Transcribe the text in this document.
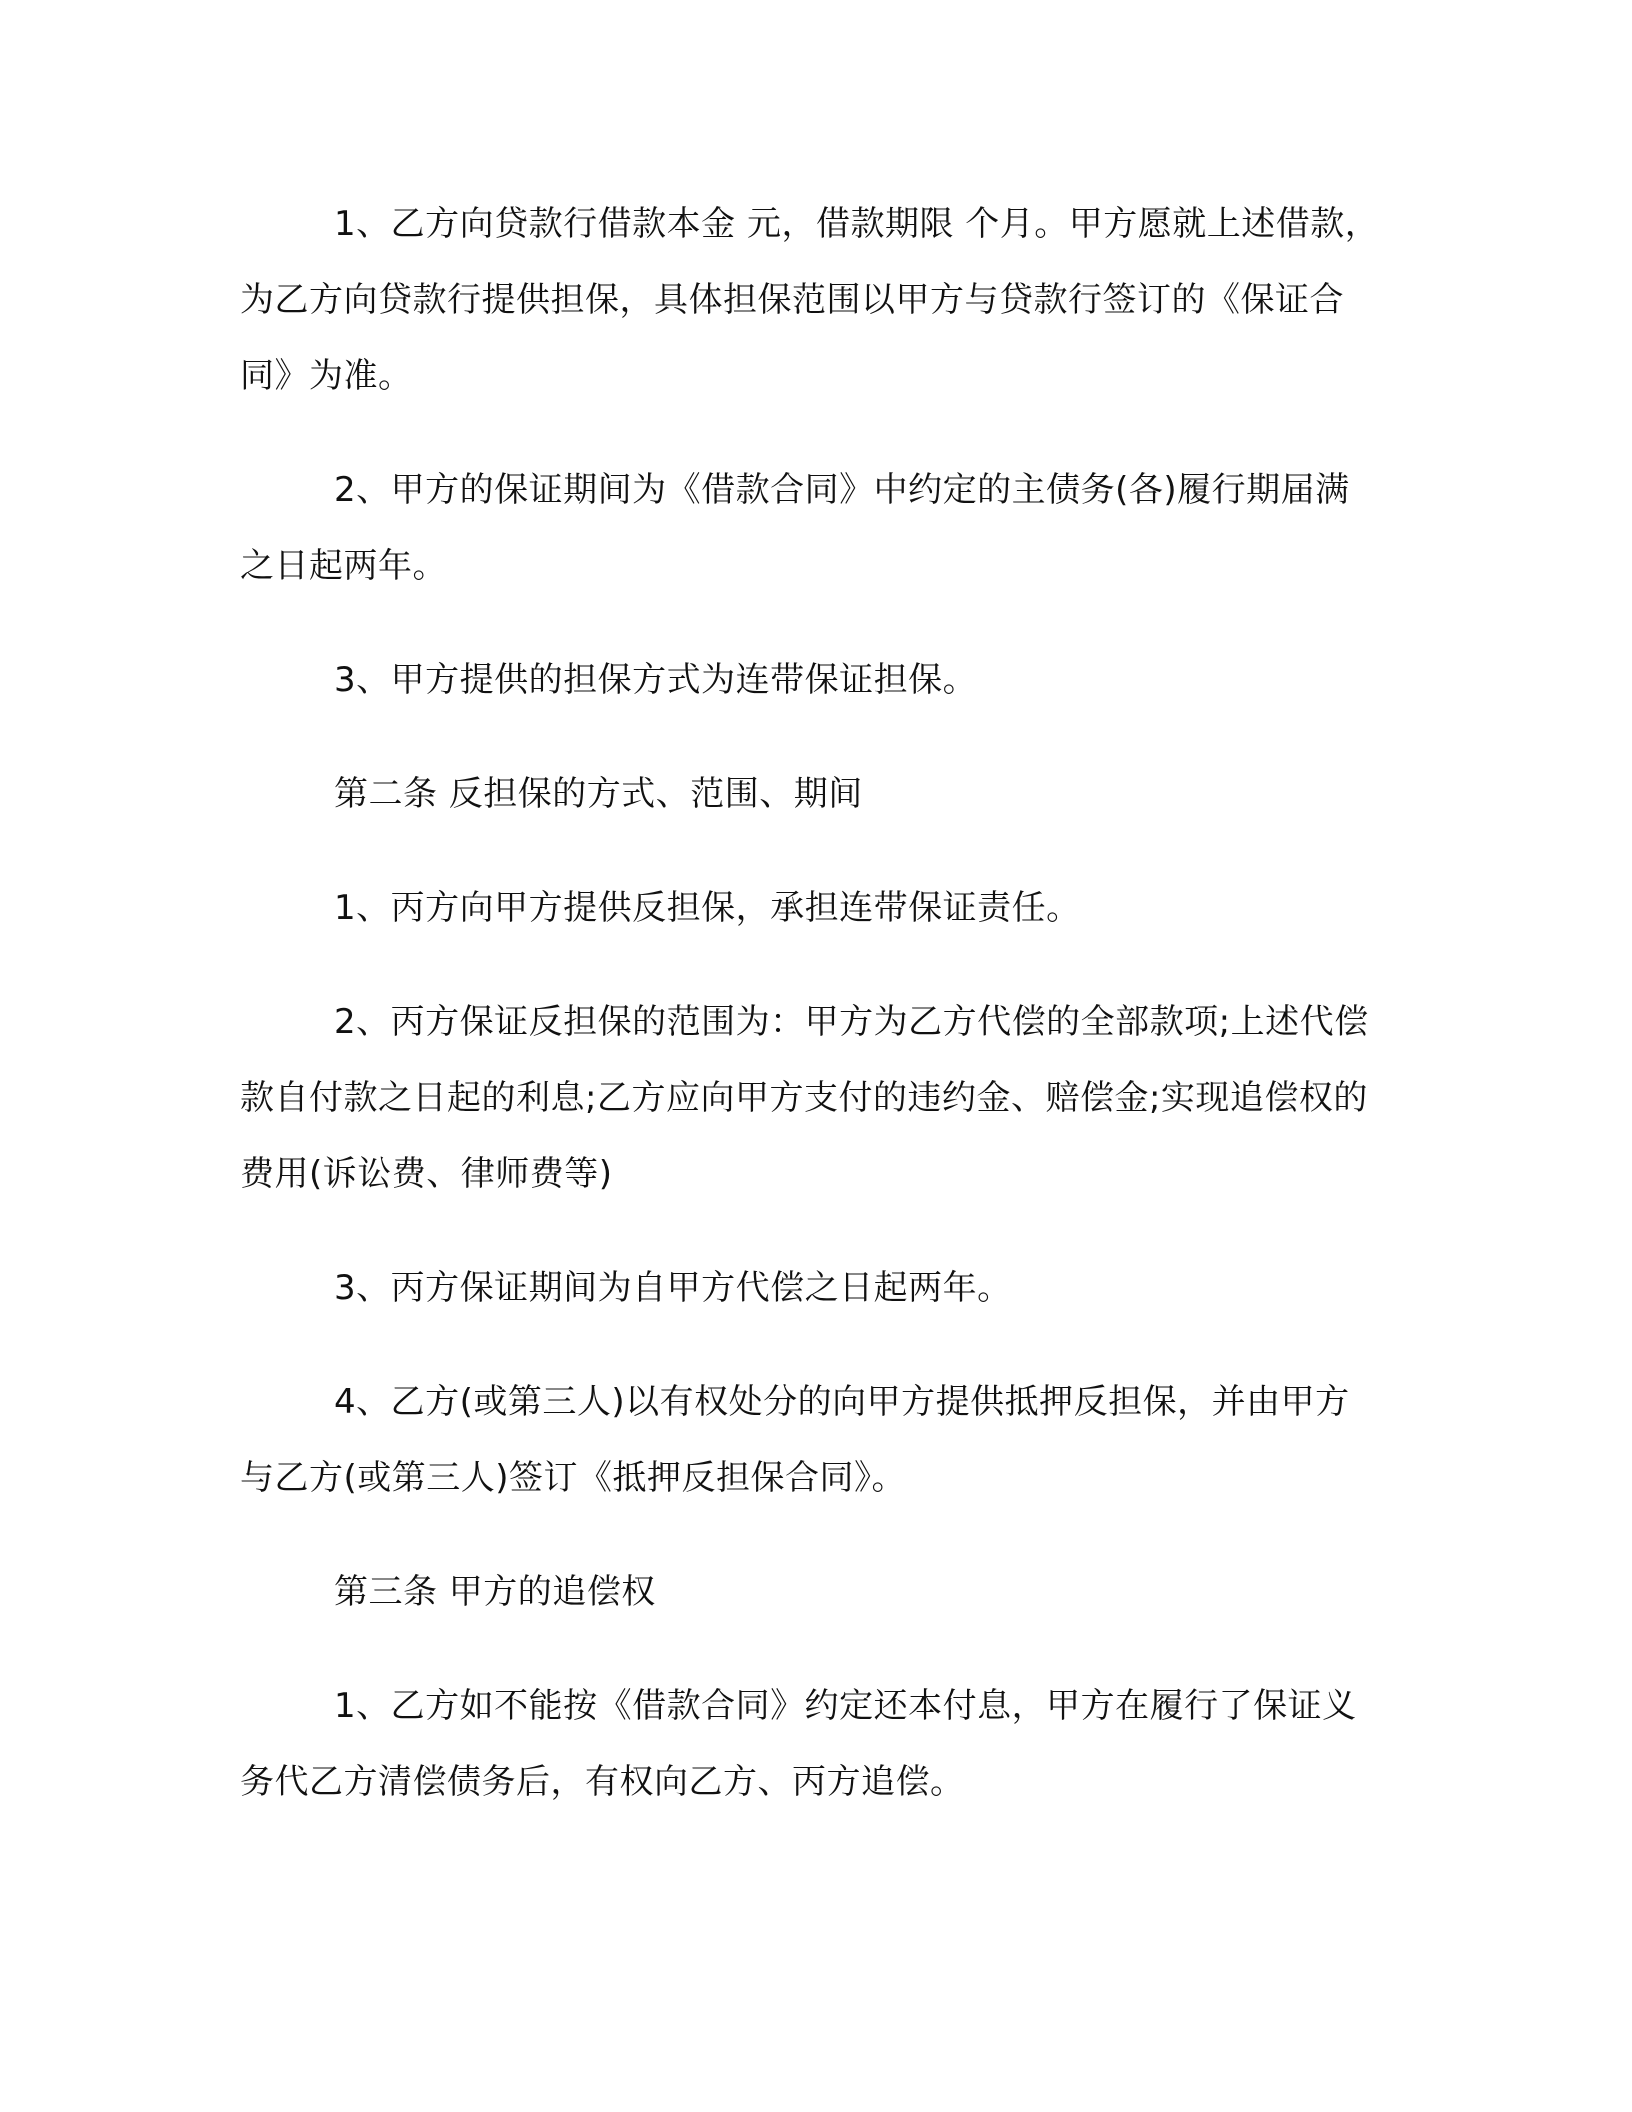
1、乙方向贷款行借款本金 元，借款期限 个月。甲方愿就上述借款，为乙方向贷款行提供担保，具体担保范围以甲方与贷款行签订的《保证合同》为准。

2、甲方的保证期间为《借款合同》中约定的主债务(各)履行期届满之日起两年。

3、甲方提供的担保方式为连带保证担保。

第二条 反担保的方式、范围、期间

1、丙方向甲方提供反担保，承担连带保证责任。

2、丙方保证反担保的范围为：甲方为乙方代偿的全部款项;上述代偿款自付款之日起的利息;乙方应向甲方支付的违约金、赔偿金;实现追偿权的费用(诉讼费、律师费等)

3、丙方保证期间为自甲方代偿之日起两年。

4、乙方(或第三人)以有权处分的向甲方提供抵押反担保，并由甲方与乙方(或第三人)签订《抵押反担保合同》。

第三条 甲方的追偿权

1、乙方如不能按《借款合同》约定还本付息，甲方在履行了保证义务代乙方清偿债务后，有权向乙方、丙方追偿。
